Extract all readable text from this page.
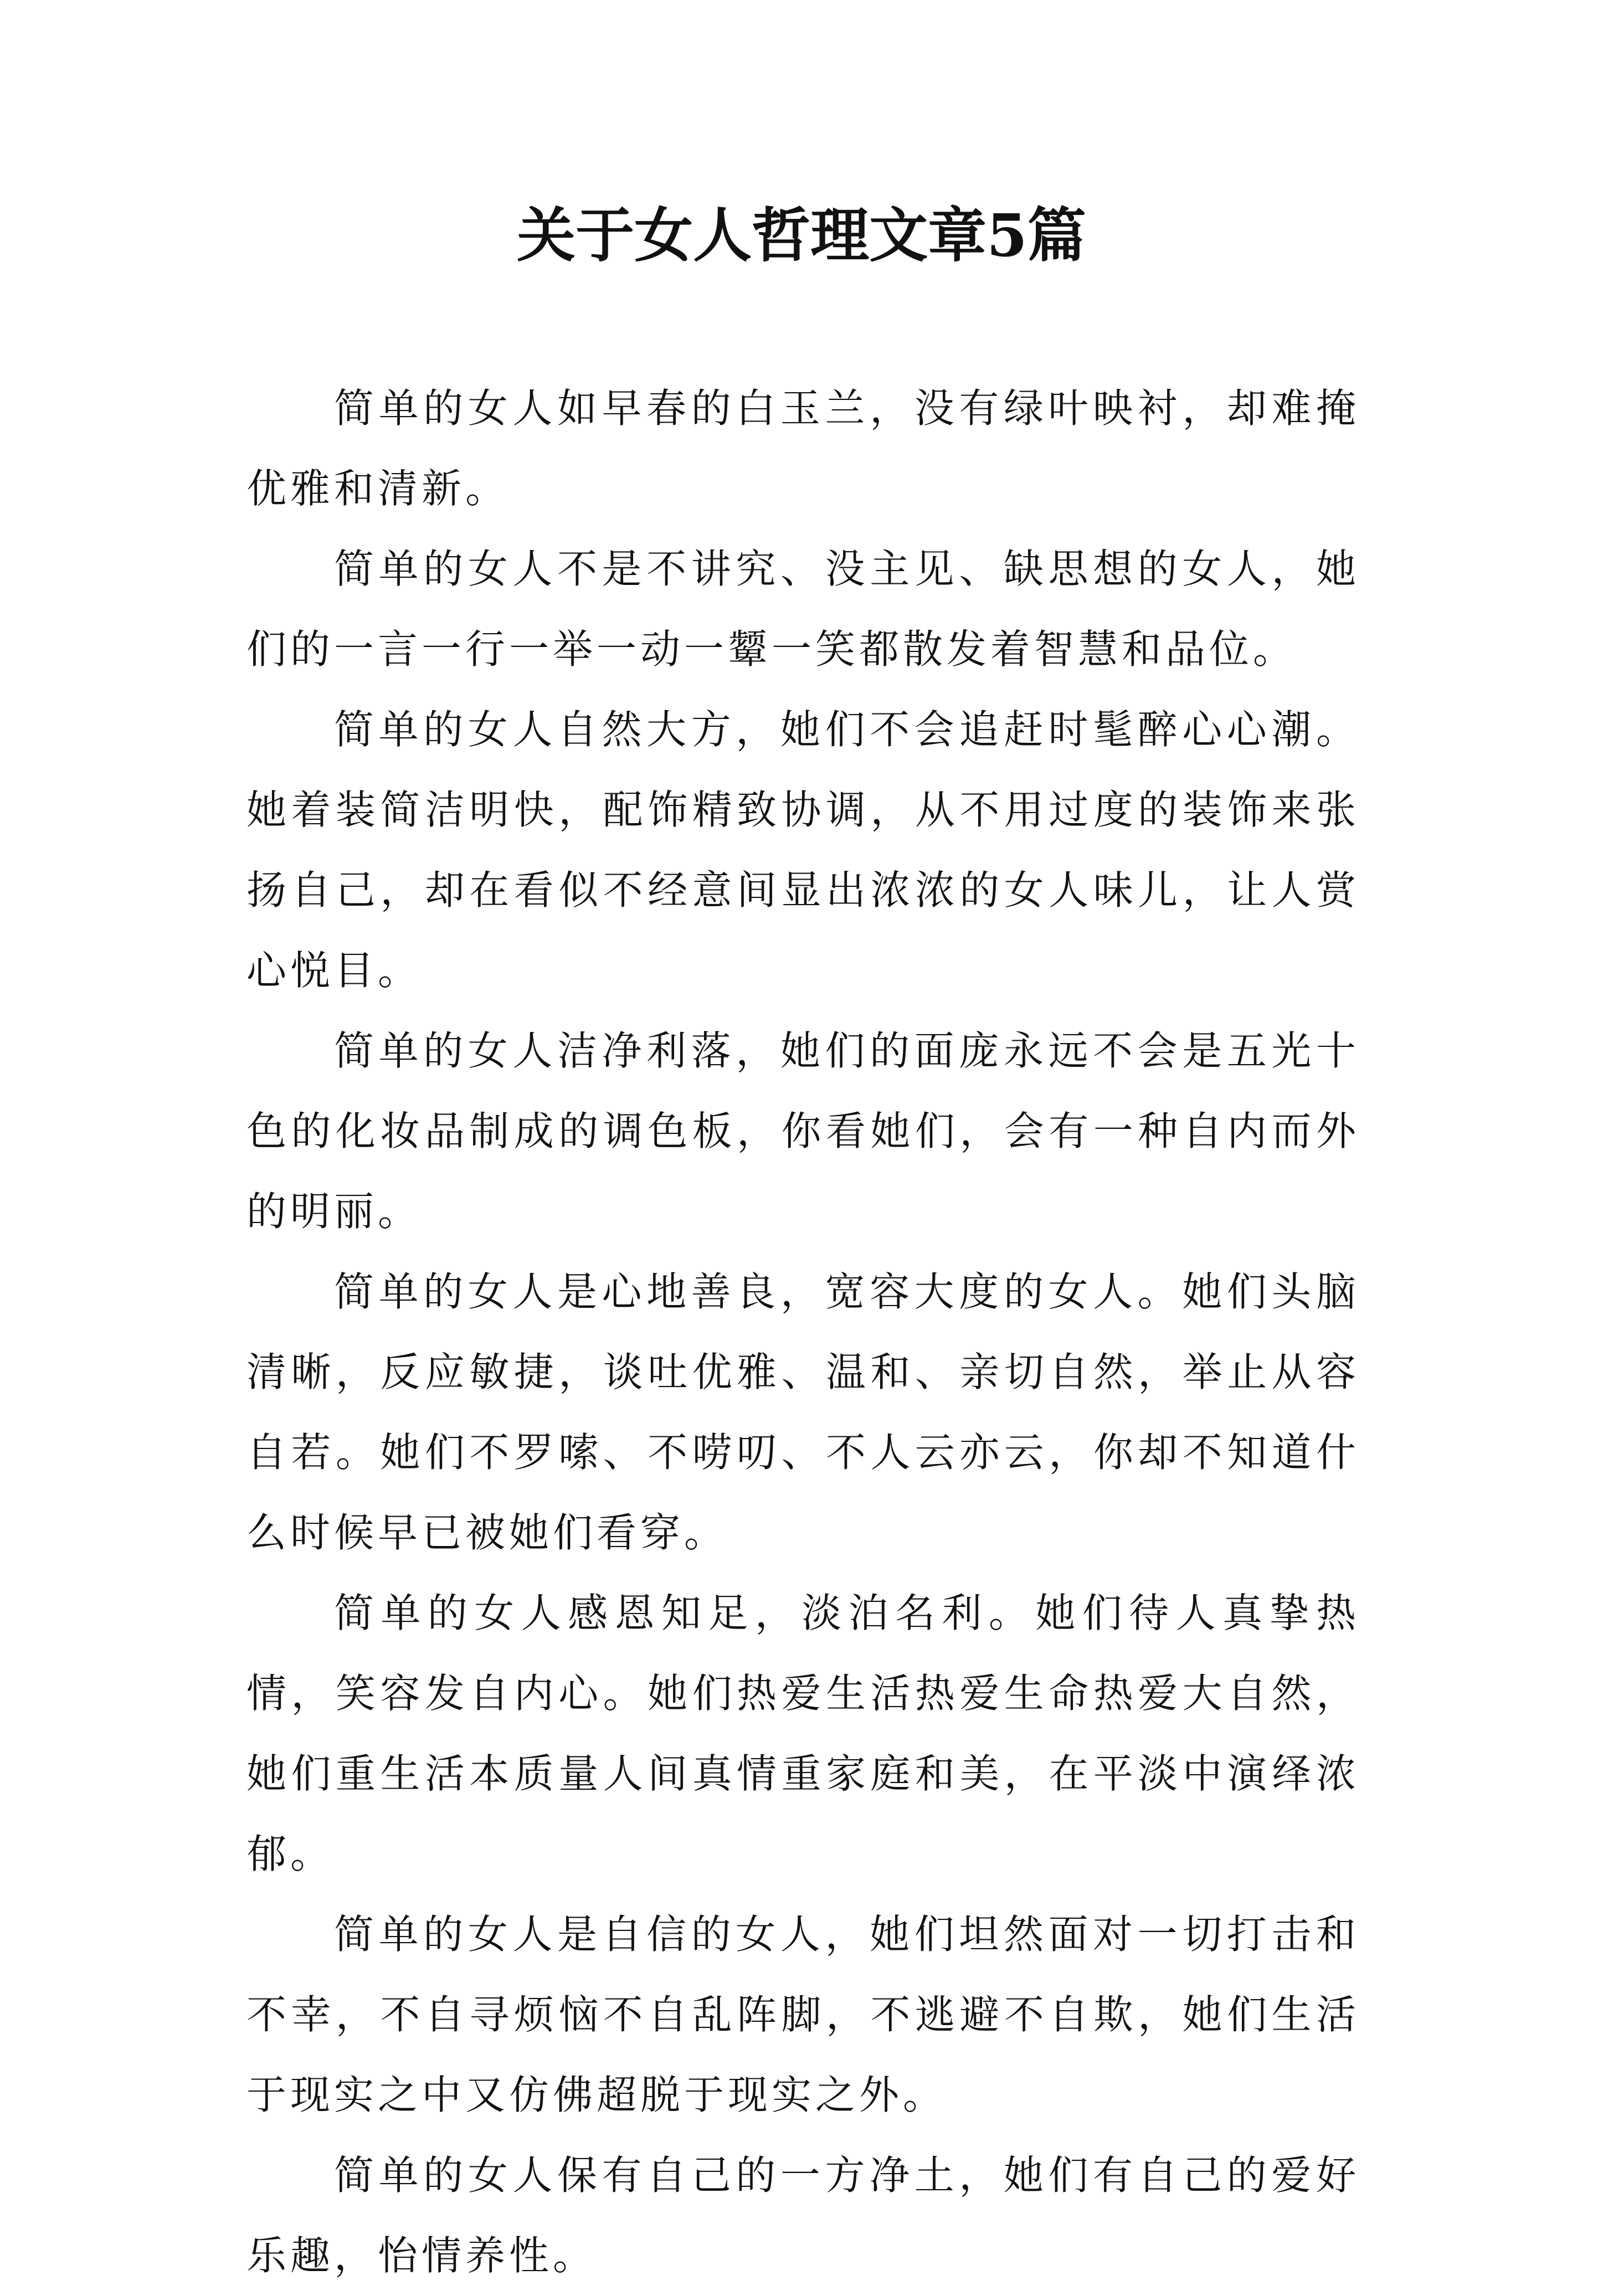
关于女人哲理文章5篇

简单的女人如早春的白玉兰，没有绿叶映衬，却难掩优雅和清新。

简单的女人不是不讲究、没主见、缺思想的女人，她们的一言一行一举一动一颦一笑都散发着智慧和品位。

简单的女人自然大方，她们不会追赶时髦醉心心潮。她着装简洁明快，配饰精致协调，从不用过度的装饰来张扬自己，却在看似不经意间显出浓浓的女人味儿，让人赏心悦目。

简单的女人洁净利落，她们的面庞永远不会是五光十色的化妆品制成的调色板，你看她们，会有一种自内而外的明丽。

简单的女人是心地善良，宽容大度的女人。她们头脑清晰，反应敏捷，谈吐优雅、温和、亲切自然，举止从容自若。她们不罗嗦、不唠叨、不人云亦云，你却不知道什么时候早已被她们看穿。

简单的女人感恩知足，淡泊名利。她们待人真挚热情，笑容发自内心。她们热爱生活热爱生命热爱大自然，她们重生活本质量人间真情重家庭和美，在平淡中演绎浓郁。

简单的女人是自信的女人，她们坦然面对一切打击和不幸，不自寻烦恼不自乱阵脚，不逃避不自欺，她们生活于现实之中又仿佛超脱于现实之外。

简单的女人保有自己的一方净土，她们有自己的爱好乐趣，怡情养性。
